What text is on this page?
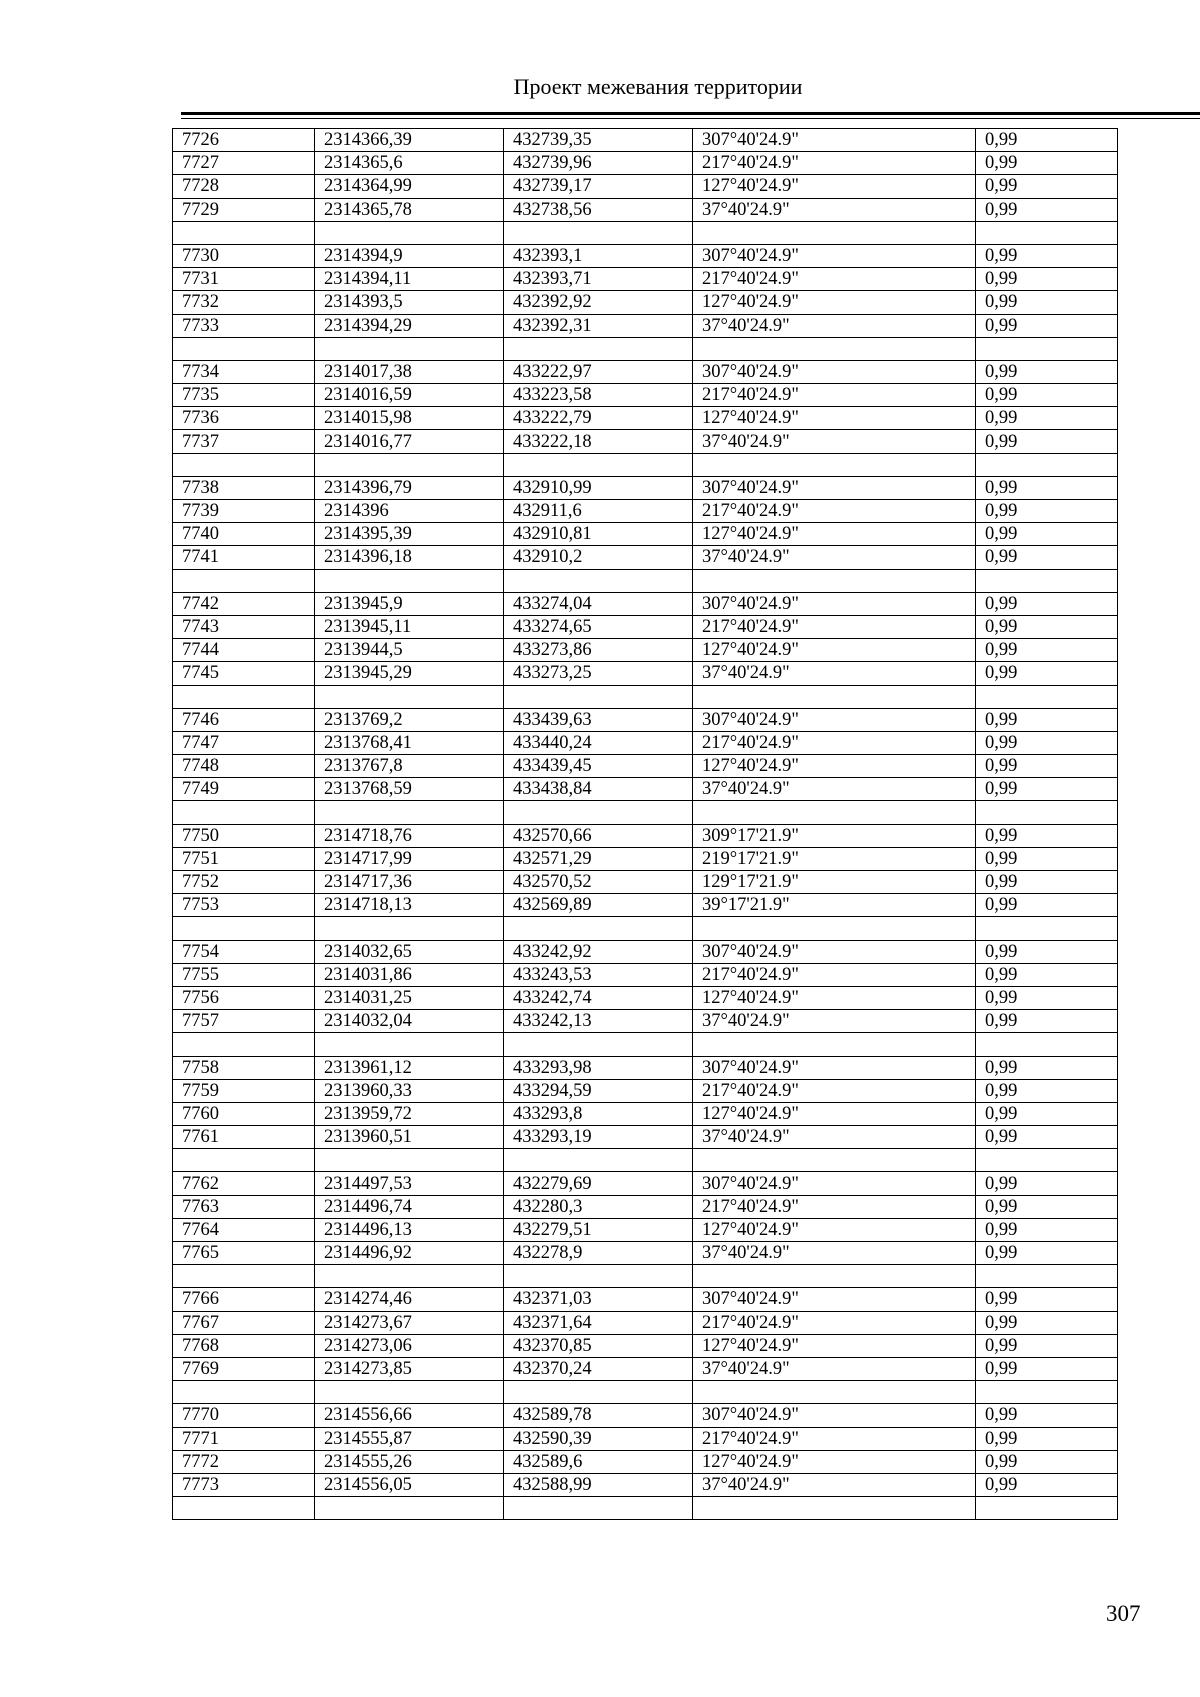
Проект межевания территории
7726	2314366,39	432739,35	307°40'24.9"	0,99
7727	2314365,6	432739,96	217°40'24.9"	0,99
7728	2314364,99	432739,17	127°40'24.9"	0,99
7729	2314365,78	432738,56	37°40'24.9"	0,99

7730	2314394,9	432393,1	307°40'24.9"	0,99
7731	2314394,11	432393,71	217°40'24.9"	0,99
7732	2314393,5	432392,92	127°40'24.9"	0,99
7733	2314394,29	432392,31	37°40'24.9"	0,99

7734	2314017,38	433222,97	307°40'24.9"	0,99
7735	2314016,59	433223,58	217°40'24.9"	0,99
7736	2314015,98	433222,79	127°40'24.9"	0,99
7737	2314016,77	433222,18	37°40'24.9"	0,99

7738	2314396,79	432910,99	307°40'24.9"	0,99
7739	2314396	432911,6	217°40'24.9"	0,99
7740	2314395,39	432910,81	127°40'24.9"	0,99
7741	2314396,18	432910,2	37°40'24.9"	0,99

7742	2313945,9	433274,04	307°40'24.9"	0,99
7743	2313945,11	433274,65	217°40'24.9"	0,99
7744	2313944,5	433273,86	127°40'24.9"	0,99
7745	2313945,29	433273,25	37°40'24.9"	0,99

7746	2313769,2	433439,63	307°40'24.9"	0,99
7747	2313768,41	433440,24	217°40'24.9"	0,99
7748	2313767,8	433439,45	127°40'24.9"	0,99
7749	2313768,59	433438,84	37°40'24.9"	0,99

7750	2314718,76	432570,66	309°17'21.9"	0,99
7751	2314717,99	432571,29	219°17'21.9"	0,99
7752	2314717,36	432570,52	129°17'21.9"	0,99
7753	2314718,13	432569,89	39°17'21.9"	0,99

7754	2314032,65	433242,92	307°40'24.9"	0,99
7755	2314031,86	433243,53	217°40'24.9"	0,99
7756	2314031,25	433242,74	127°40'24.9"	0,99
7757	2314032,04	433242,13	37°40'24.9"	0,99

7758	2313961,12	433293,98	307°40'24.9"	0,99
7759	2313960,33	433294,59	217°40'24.9"	0,99
7760	2313959,72	433293,8	127°40'24.9"	0,99
7761	2313960,51	433293,19	37°40'24.9"	0,99

7762	2314497,53	432279,69	307°40'24.9"	0,99
7763	2314496,74	432280,3	217°40'24.9"	0,99
7764	2314496,13	432279,51	127°40'24.9"	0,99
7765	2314496,92	432278,9	37°40'24.9"	0,99

7766	2314274,46	432371,03	307°40'24.9"	0,99
7767	2314273,67	432371,64	217°40'24.9"	0,99
7768	2314273,06	432370,85	127°40'24.9"	0,99
7769	2314273,85	432370,24	37°40'24.9"	0,99

7770	2314556,66	432589,78	307°40'24.9"	0,99
7771	2314555,87	432590,39	217°40'24.9"	0,99
7772	2314555,26	432589,6	127°40'24.9"	0,99
7773	2314556,05	432588,99	37°40'24.9"	0,99

307
